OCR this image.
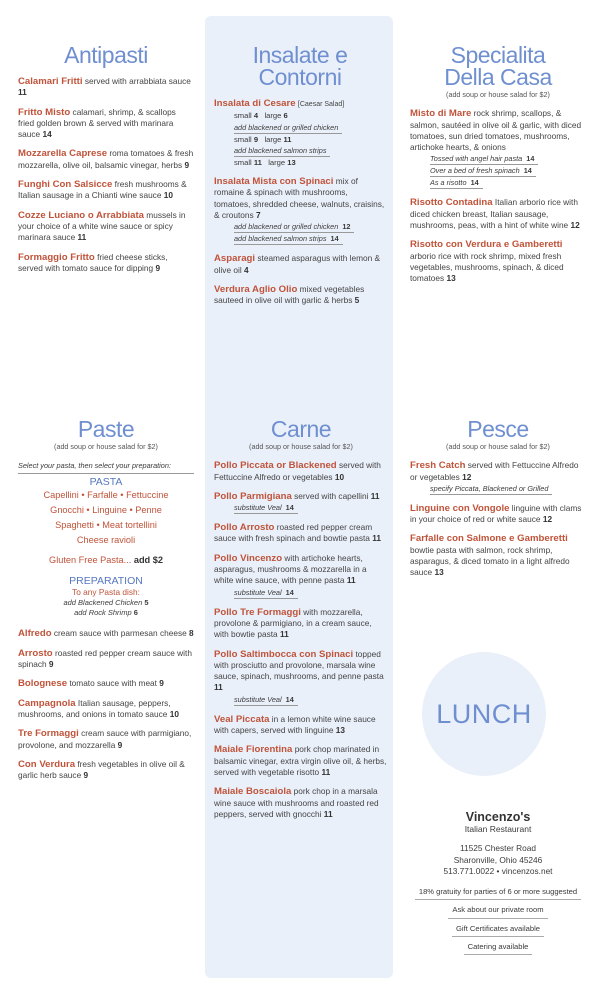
Antipasti
Calamari Fritti served with arrabbiata sauce 11
Fritto Misto calamari, shrimp, & scallops fried golden brown & served with marinara sauce 14
Mozzarella Caprese roma tomatoes & fresh mozzarella, olive oil, balsamic vinegar, herbs 9
Funghi Con Salsicce fresh mushrooms & Italian sausage in a Chianti wine sauce 10
Cozze Luciano o Arrabbiata mussels in your choice of a white wine sauce or spicy marinara sauce 11
Formaggio Fritto fried cheese sticks, served with tomato sauce for dipping 9
Insalate e
Contorni
Insalata di Cesare [Caesar Salad]
small 4 large 6
add blackened or grilled chicken
small 9 large 11
add blackened salmon strips
small 11 large 13
Insalata Mista con Spinaci mix of romaine & spinach with mushrooms, tomatoes, shredded cheese, walnuts, craisins, & croutons 7
add blackened or grilled chicken 12
add blackened salmon strips 14
Asparagi steamed asparagus with lemon & olive oil 4
Verdura Aglio Olio mixed vegetables sauteed in olive oil with garlic & herbs 5
Specialita
Della Casa
(add soup or house salad for $2)
Misto di Mare rock shrimp, scallops, & salmon, sautéed in olive oil & garlic, with diced tomatoes, sun dried tomatoes, mushrooms, artichoke hearts, & onions
Tossed with angel hair pasta 14
Over a bed of fresh spinach 14
As a risotto 14
Risotto Contadina Italian arborio rice with diced chicken breast, Italian sausage, mushrooms, peas, with a hint of white wine 12
Risotto con Verdura e Gamberetti arborio rice with rock shrimp, mixed fresh vegetables, mushrooms, spinach, & diced tomatoes 13
Paste
(add soup or house salad for $2)
Select your pasta, then select your preparation:
PASTA
Capellini • Farfalle • Fettuccine
Gnocchi • Linguine • Penne
Spaghetti • Meat tortellini
Cheese ravioli
Gluten Free Pasta... add $2
PREPARATION
To any Pasta dish:
add Blackened Chicken 5
add Rock Shrimp 6
Alfredo cream sauce with parmesan cheese 8
Arrosto roasted red pepper cream sauce with spinach 9
Bolognese tomato sauce with meat 9
Campagnola Italian sausage, peppers, mushrooms, and onions in tomato sauce 10
Tre Formaggi cream sauce with parmigiano, provolone, and mozzarella 9
Con Verdura fresh vegetables in olive oil & garlic herb sauce 9
Carne
(add soup or house salad for $2)
Pollo Piccata or Blackened served with Fettuccine Alfredo or vegetables 10
Pollo Parmigiana served with capellini 11
substitute Veal 14
Pollo Arrosto roasted red pepper cream sauce with fresh spinach and bowtie pasta 11
Pollo Vincenzo with artichoke hearts, asparagus, mushrooms & mozzarella in a white wine sauce, with penne pasta 11
substitute Veal 14
Pollo Tre Formaggi with mozzarella, provolone & parmigiano, in a cream sauce, with bowtie pasta 11
Pollo Saltimbocca con Spinaci topped with prosciutto and provolone, marsala wine sauce, spinach, mushrooms, and penne pasta 11
substitute Veal 14
Veal Piccata in a lemon white wine sauce with capers, served with linguine 13
Maiale Fiorentina pork chop marinated in balsamic vinegar, extra virgin olive oil, & herbs, served with vegetable risotto 11
Maiale Boscaiola pork chop in a marsala wine sauce with mushrooms and roasted red peppers, served with gnocchi 11
Pesce
(add soup or house salad for $2)
Fresh Catch served with Fettuccine Alfredo or vegetables 12
specify Piccata, Blackened or Grilled
Linguine con Vongole linguine with clams in your choice of red or white sauce 12
Farfalle con Salmone e Gamberetti bowtie pasta with salmon, rock shrimp, asparagus, & diced tomato in a light alfredo sauce 13
LUNCH
Vincenzo's
Italian Restaurant
11525 Chester Road
Sharonville, Ohio 45246
513.771.0022 • vincenzos.net
18% gratuity for parties of 6 or more suggested
Ask about our private room
Gift Certificates available
Catering available
